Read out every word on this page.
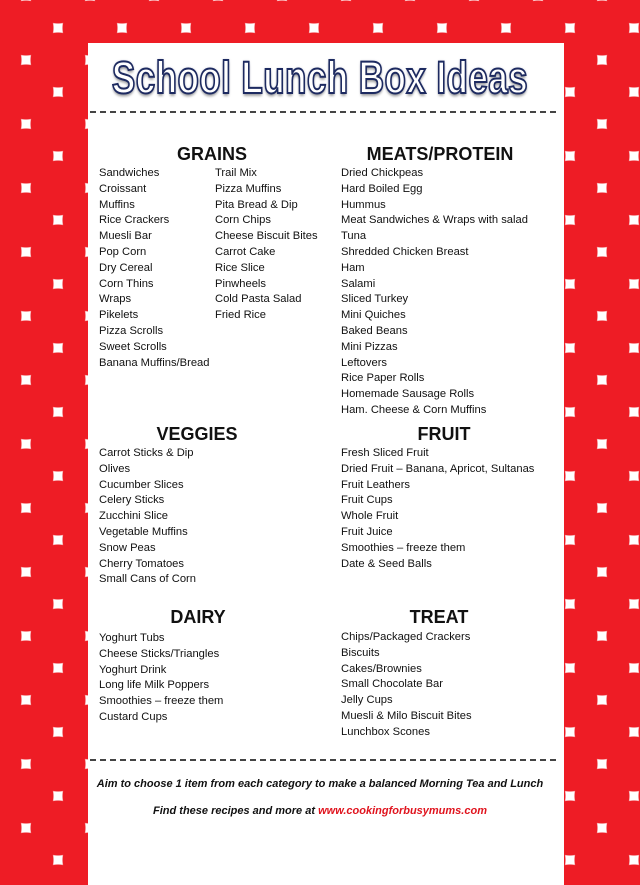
School Lunch Box Ideas
GRAINS
Sandwiches
Croissant
Muffins
Rice Crackers
Muesli Bar
Pop Corn
Dry Cereal
Corn Thins
Wraps
Pikelets
Pizza Scrolls
Sweet Scrolls
Banana Muffins/Bread
Trail Mix
Pizza Muffins
Pita Bread & Dip
Corn Chips
Cheese Biscuit Bites
Carrot Cake
Rice Slice
Pinwheels
Cold Pasta Salad
Fried Rice
MEATS/PROTEIN
Dried Chickpeas
Hard Boiled Egg
Hummus
Meat Sandwiches & Wraps with salad
Tuna
Shredded Chicken Breast
Ham
Salami
Sliced Turkey
Mini Quiches
Baked Beans
Mini Pizzas
Leftovers
Rice Paper Rolls
Homemade Sausage Rolls
Ham. Cheese & Corn Muffins
VEGGIES
Carrot Sticks & Dip
Olives
Cucumber Slices
Celery Sticks
Zucchini Slice
Vegetable Muffins
Snow Peas
Cherry Tomatoes
Small Cans of Corn
FRUIT
Fresh Sliced Fruit
Dried Fruit – Banana, Apricot, Sultanas
Fruit Leathers
Fruit Cups
Whole Fruit
Fruit Juice
Smoothies – freeze them
Date & Seed Balls
DAIRY
Yoghurt Tubs
Cheese Sticks/Triangles
Yoghurt Drink
Long life Milk Poppers
Smoothies – freeze them
Custard Cups
TREAT
Chips/Packaged Crackers
Biscuits
Cakes/Brownies
Small Chocolate Bar
Jelly Cups
Muesli & Milo Biscuit Bites
Lunchbox Scones
Aim to choose 1 item from each category to make a balanced Morning Tea and Lunch
Find these recipes and more at www.cookingforbusymums.com
